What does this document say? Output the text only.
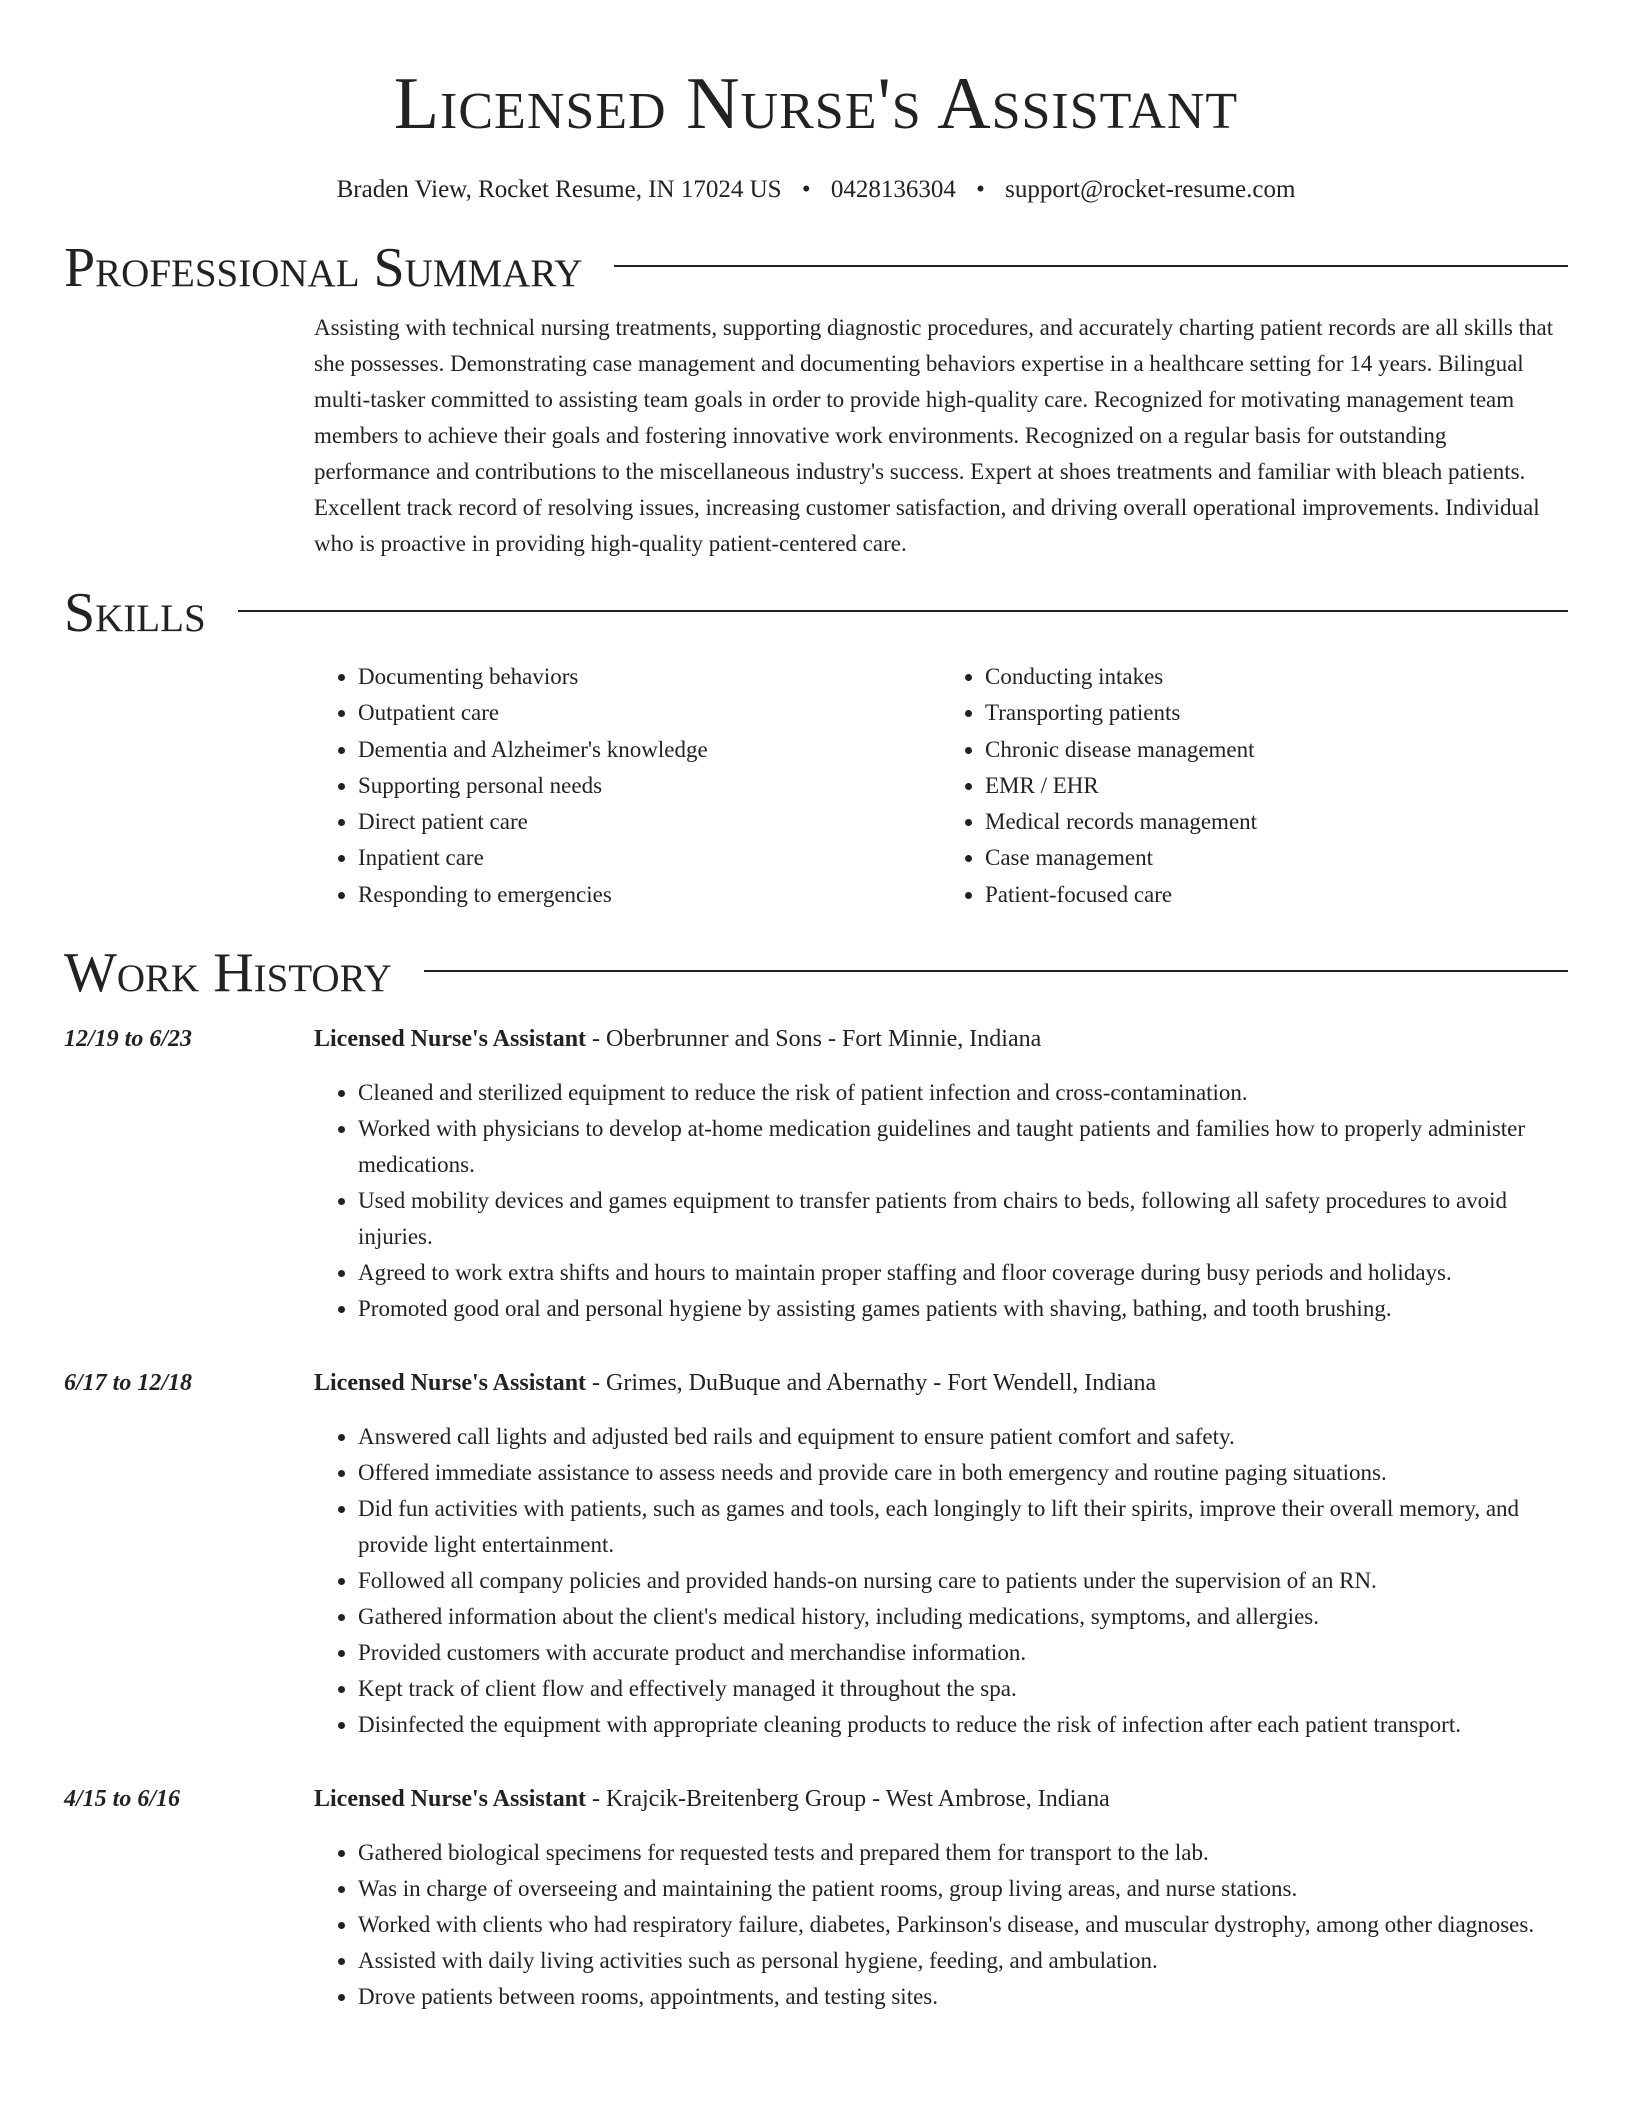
Licensed Nurse's Assistant
Braden View, Rocket Resume, IN 17024 US • 0428136304 • support@rocket-resume.com
Professional Summary

Assisting with technical nursing treatments, supporting diagnostic procedures, and accurately charting patient records are all skills that she possesses. Demonstrating case management and documenting behaviors expertise in a healthcare setting for 14 years. Bilingual multi-tasker committed to assisting team goals in order to provide high-quality care. Recognized for motivating management team members to achieve their goals and fostering innovative work environments. Recognized on a regular basis for outstanding performance and contributions to the miscellaneous industry's success. Expert at shoes treatments and familiar with bleach patients. Excellent track record of resolving issues, increasing customer satisfaction, and driving overall operational improvements. Individual who is proactive in providing high-quality patient-centered care.

Skills
• Documenting behaviors
• Outpatient care
• Dementia and Alzheimer's knowledge
• Supporting personal needs
• Direct patient care
• Inpatient care
• Responding to emergencies
• Conducting intakes
• Transporting patients
• Chronic disease management
• EMR / EHR
• Medical records management
• Case management
• Patient-focused care
Work History
12/19 to 6/23	Licensed Nurse's Assistant - Oberbrunner and Sons - Fort Minnie, Indiana
• Cleaned and sterilized equipment to reduce the risk of patient infection and cross-contamination.
• Worked with physicians to develop at-home medication guidelines and taught patients and families how to properly administer medications.
• Used mobility devices and games equipment to transfer patients from chairs to beds, following all safety procedures to avoid injuries.
• Agreed to work extra shifts and hours to maintain proper staffing and floor coverage during busy periods and holidays.
• Promoted good oral and personal hygiene by assisting games patients with shaving, bathing, and tooth brushing.
6/17 to 12/18	Licensed Nurse's Assistant - Grimes, DuBuque and Abernathy - Fort Wendell, Indiana
• Answered call lights and adjusted bed rails and equipment to ensure patient comfort and safety.
• Offered immediate assistance to assess needs and provide care in both emergency and routine paging situations.
• Did fun activities with patients, such as games and tools, each longingly to lift their spirits, improve their overall memory, and provide light entertainment.
• Followed all company policies and provided hands-on nursing care to patients under the supervision of an RN.
• Gathered information about the client's medical history, including medications, symptoms, and allergies.
• Provided customers with accurate product and merchandise information.
• Kept track of client flow and effectively managed it throughout the spa.
• Disinfected the equipment with appropriate cleaning products to reduce the risk of infection after each patient transport.
4/15 to 6/16	Licensed Nurse's Assistant - Krajcik-Breitenberg Group - West Ambrose, Indiana
• Gathered biological specimens for requested tests and prepared them for transport to the lab.
• Was in charge of overseeing and maintaining the patient rooms, group living areas, and nurse stations.
• Worked with clients who had respiratory failure, diabetes, Parkinson's disease, and muscular dystrophy, among other diagnoses.
• Assisted with daily living activities such as personal hygiene, feeding, and ambulation.
• Drove patients between rooms, appointments, and testing sites.
